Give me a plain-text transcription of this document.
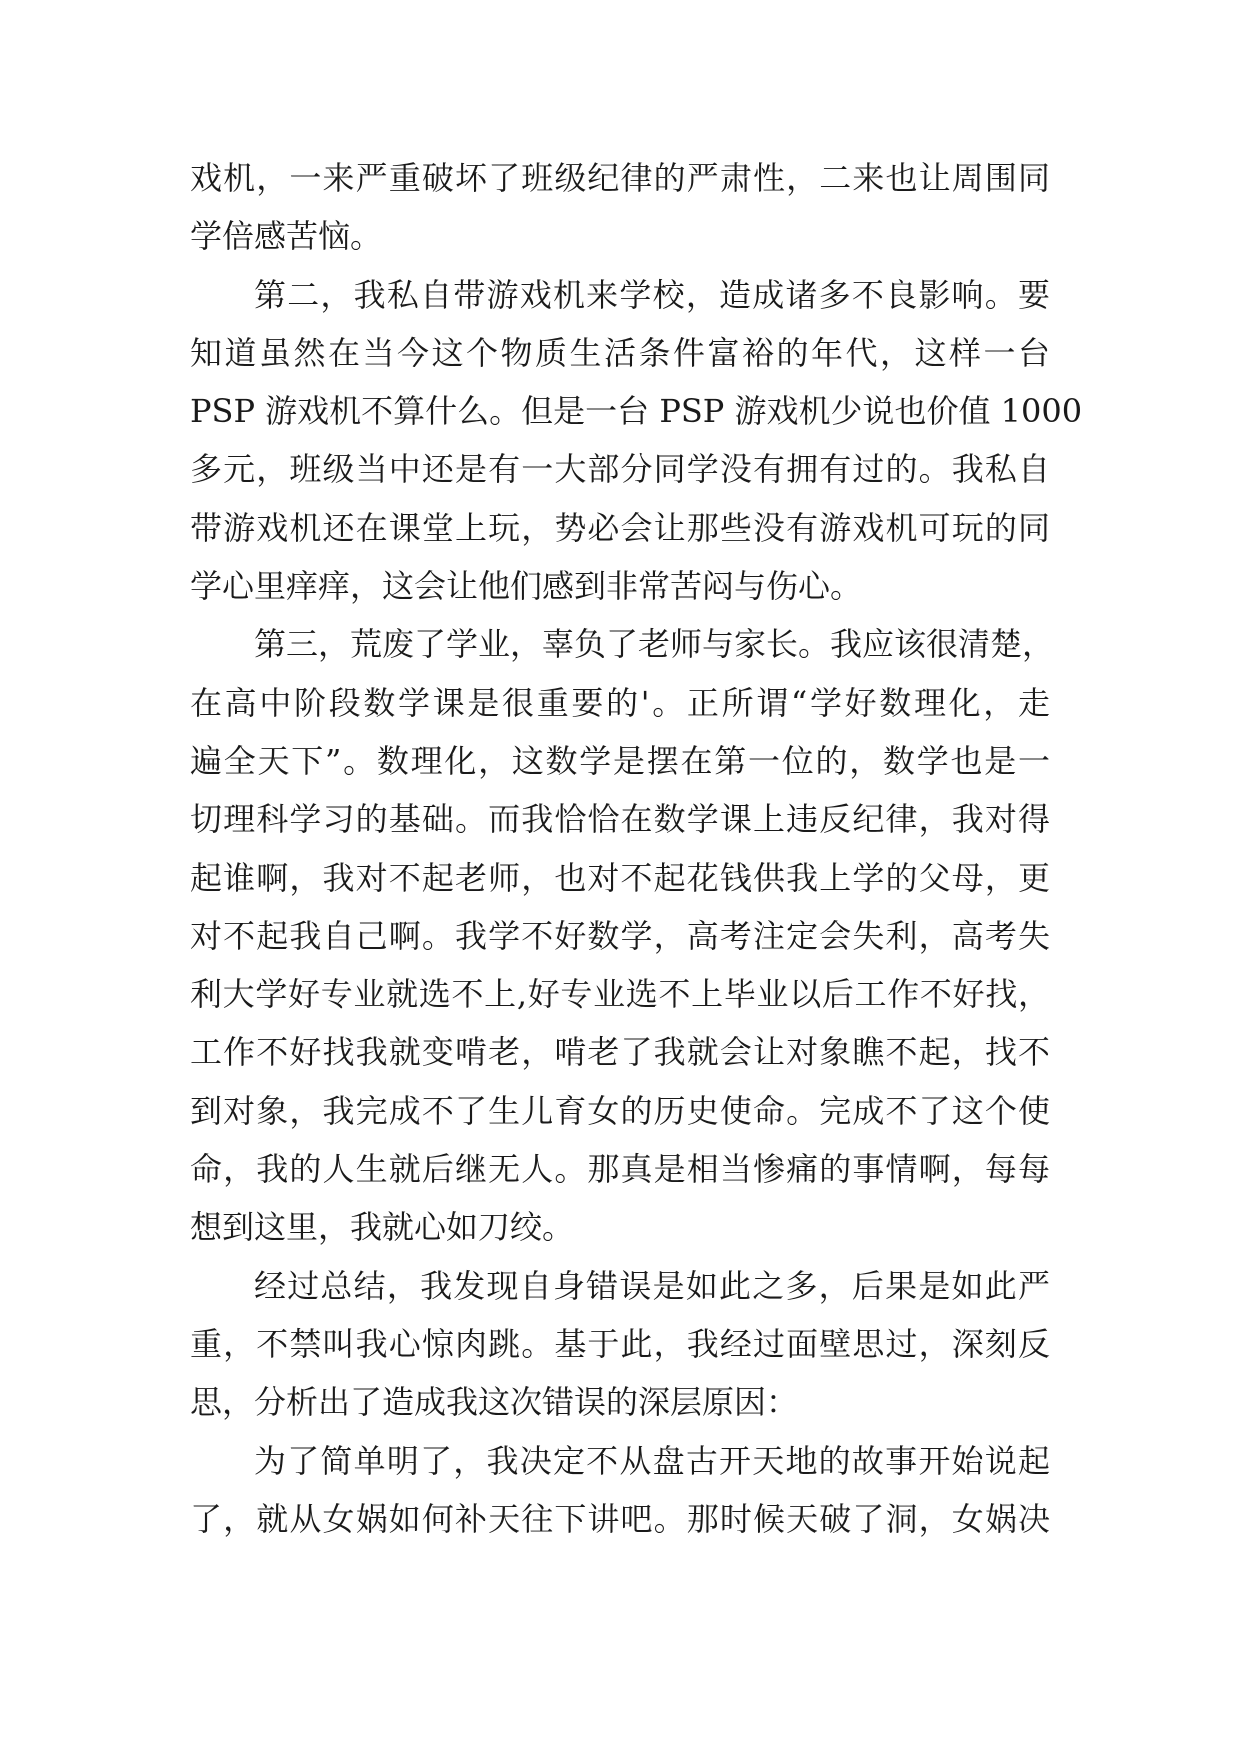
戏机，一来严重破坏了班级纪律的严肃性，二来也让周围同
学倍感苦恼。
第二，我私自带游戏机来学校，造成诸多不良影响。要
知道虽然在当今这个物质生活条件富裕的年代，这样一台
PSP 游戏机不算什么。但是一台 PSP 游戏机少说也价值 1000
多元，班级当中还是有一大部分同学没有拥有过的。我私自
带游戏机还在课堂上玩，势必会让那些没有游戏机可玩的同
学心里痒痒，这会让他们感到非常苦闷与伤心。
第三，荒废了学业，辜负了老师与家长。我应该很清楚，
在高中阶段数学课是很重要的'。正所谓“学好数理化，走
遍全天下”。数理化，这数学是摆在第一位的，数学也是一
切理科学习的基础。而我恰恰在数学课上违反纪律，我对得
起谁啊，我对不起老师，也对不起花钱供我上学的父母，更
对不起我自己啊。我学不好数学，高考注定会失利，高考失
利大学好专业就选不上,好专业选不上毕业以后工作不好找，
工作不好找我就变啃老，啃老了我就会让对象瞧不起，找不
到对象，我完成不了生儿育女的历史使命。完成不了这个使
命，我的人生就后继无人。那真是相当惨痛的事情啊，每每
想到这里，我就心如刀绞。
经过总结，我发现自身错误是如此之多，后果是如此严
重，不禁叫我心惊肉跳。基于此，我经过面壁思过，深刻反
思，分析出了造成我这次错误的深层原因：
为了简单明了，我决定不从盘古开天地的故事开始说起
了，就从女娲如何补天往下讲吧。那时候天破了洞，女娲决
